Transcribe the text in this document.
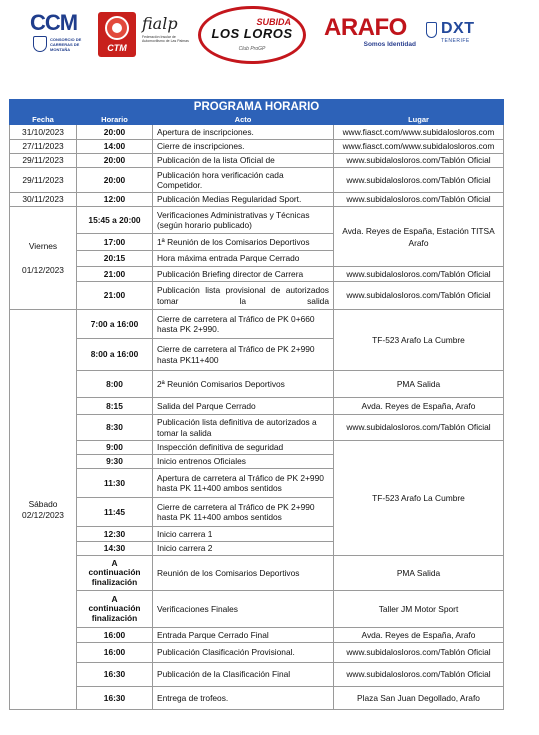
CCM
CONSORCIO DE CARRERAS DE MONTAÑA	CTM
fialp
Federación Insular de Automovilismo de Las Palmas
SUBIDA
LOS LOROS
Club ProGP
ARAFO
Somos Identidad
DXT
TENERIFE
PROGRAMA HORARIO			
Fecha	Horario	Acto	Lugar
31/10/2023	20:00	Apertura de inscripciones.	www.fiasct.com/www.subidalosloros.com
27/11/2023	14:00	Cierre de inscripciones.	www.fiasct.com/www.subidalosloros.com
29/11/2023	20:00	Publicación de la lista Oficial de	www.subidalosloros.com/Tablón Oficial
29/11/2023	20:00	Publicación hora verificación cada Competidor.	www.subidalosloros.com/Tablón Oficial
30/11/2023	12:00	Publicación Medias Regularidad Sport.	www.subidalosloros.com/Tablón Oficial

Viernes
01/12/2023	15:45 a 20:00	Verificaciones Administrativas y Técnicas (según horario publicado)	Avda. Reyes de España, Estación TITSA Arafo
	17:00	1ª Reunión de los Comisarios Deportivos	
	20:15	Hora máxima entrada Parque Cerrado	
	21:00	Publicación Briefing director de Carrera	www.subidalosloros.com/Tablón Oficial
	21:00	Publicación lista provisional de autorizados tomar la salida	www.subidalosloros.com/Tablón Oficial

Sábado
02/12/2023	7:00 a 16:00	Cierre de carretera al Tráfico de PK 0+660 hasta PK 2+990.	TF-523 Arafo La Cumbre
	8:00 a 16:00	Cierre de carretera al Tráfico de PK 2+990 hasta PK11+400	
	8:00	2ª Reunión Comisarios Deportivos	PMA Salida
	8:15	Salida del Parque Cerrado	Avda. Reyes de España, Arafo
	8:30	Publicación lista definitiva de autorizados a tomar la salida	www.subidalosloros.com/Tablón Oficial
	9:00	Inspección definitiva de seguridad	TF-523 Arafo La Cumbre
	9:30	Inicio entrenos Oficiales	
	11:30	Apertura de carretera al Tráfico de PK 2+990 hasta PK 11+400 ambos sentidos	
	11:45	Cierre de carretera al Tráfico de PK 2+990 hasta PK 11+400 ambos sentidos	
	12:30	Inicio carrera 1	
	14:30	Inicio carrera 2	

	A
continuación
finalización	Reunión de los Comisarios Deportivos	PMA Salida

	A
continuación
finalización	Verificaciones Finales	Taller JM Motor Sport
	16:00	Entrada Parque Cerrado Final	Avda. Reyes de España, Arafo
	16:00	Publicación Clasificación Provisional.	www.subidalosloros.com/Tablón Oficial
	16:30	Publicación de la Clasificación Final	www.subidalosloros.com/Tablón Oficial
	16:30	Entrega de trofeos.	Plaza San Juan Degollado, Arafo
